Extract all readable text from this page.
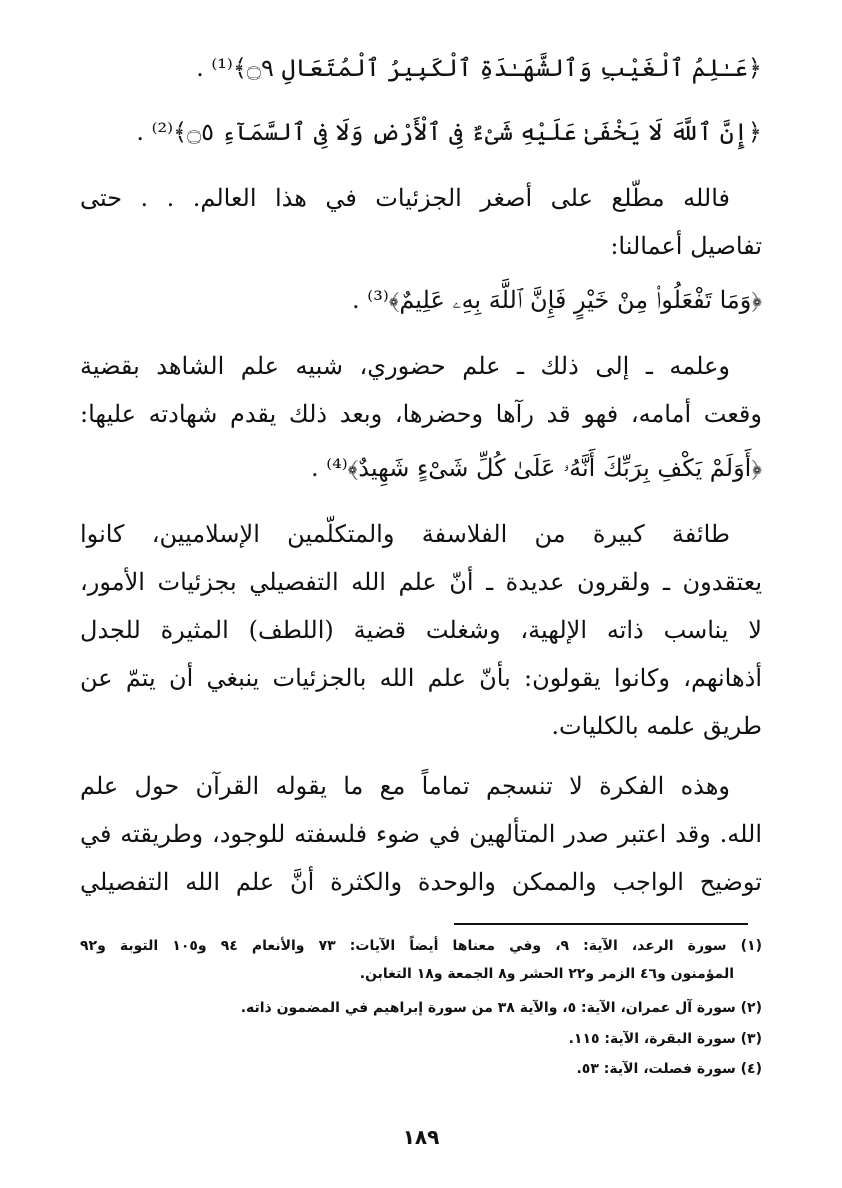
﴿عَـٰلِمُ ٱلْغَيْبِ وَٱلشَّهَـٰدَةِ ٱلْكَبِيرُ ٱلْمُتَعَالِ ۝٩﴾⁽¹⁾ .
﴿إِنَّ ٱللَّهَ لَا يَخْفَىٰ عَلَيْهِ شَىْءٌ فِى ٱلْأَرْضِ وَلَا فِى ٱلسَّمَآءِ ۝٥﴾⁽²⁾ .
فالله مطّلع على أصغر الجزئيات في هذا العالم. . . حتى
تفاصيل أعمالنا:
﴿وَمَا تَفْعَلُوا۟ مِنْ خَيْرٍ فَإِنَّ ٱللَّهَ بِهِۦ عَلِيمٌ﴾⁽³⁾ .
وعلمه ـ إلى ذلك ـ علم حضوري، شبيه علم الشاهد بقضية
وقعت أمامه، فهو قد رآها وحضرها، وبعد ذلك يقدم شهادته عليها:
﴿أَوَلَمْ يَكْفِ بِرَبِّكَ أَنَّهُۥ عَلَىٰ كُلِّ شَىْءٍ شَهِيدٌ﴾⁽⁴⁾ .
طائفة كبيرة من الفلاسفة والمتكلّمين الإسلاميين، كانوا
يعتقدون ـ ولقرون عديدة ـ أنّ علم الله التفصيلي بجزئيات الأمور،
لا يناسب ذاته الإلهية، وشغلت قضية (اللطف) المثيرة للجدل
أذهانهم، وكانوا يقولون: بأنّ علم الله بالجزئيات ينبغي أن يتمّ عن
طريق علمه بالكليات.
وهذه الفكرة لا تنسجم تماماً مع ما يقوله القرآن حول علم
الله. وقد اعتبر صدر المتألهين في ضوء فلسفته للوجود، وطريقته في
توضيح الواجب والممكن والوحدة والكثرة أنَّ علم الله التفصيلي
(١) سورة الرعد، الآية: ٩، وفي معناها أيضاً الآيات: ٧٣ والأنعام ٩٤ و١٠٥ التوبة و٩٢
المؤمنون و٤٦ الزمر و٢٢ الحشر و٨ الجمعة و١٨ التغابن.
(٢) سورة آل عمران، الآية: ٥، والآية ٣٨ من سورة إبراهيم في المضمون ذاته.
(٣) سورة البقرة، الآية: ١١٥.
(٤) سورة فصلت، الآية: ٥٣.
١٨٩
